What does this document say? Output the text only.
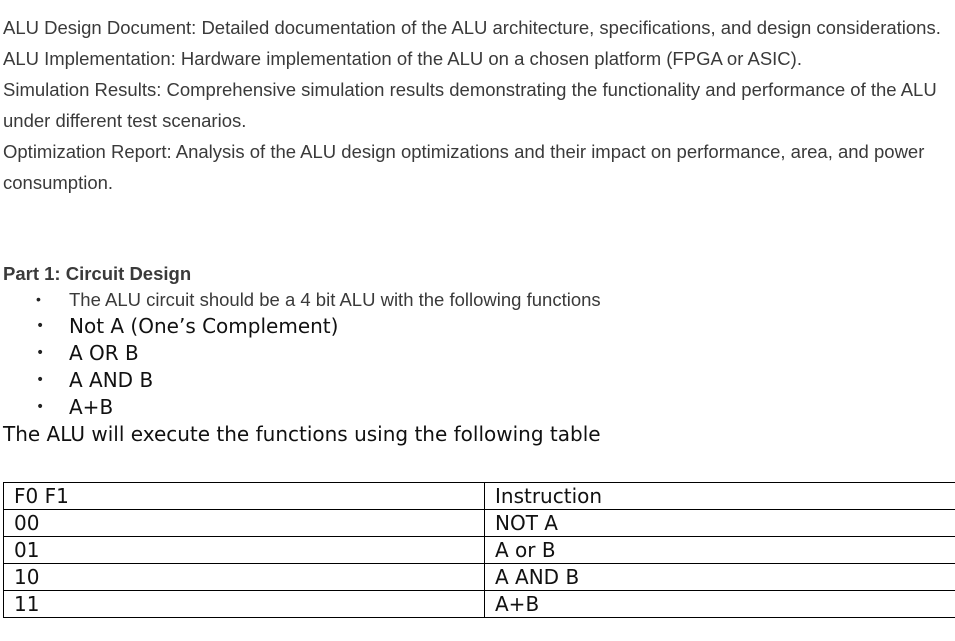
ALU Design Document: Detailed documentation of the ALU architecture, specifications, and design considerations.

ALU Implementation: Hardware implementation of the ALU on a chosen platform (FPGA or ASIC).

Simulation Results: Comprehensive simulation results demonstrating the functionality and performance of the ALU under different test scenarios.

Optimization Report: Analysis of the ALU design optimizations and their impact on performance, area, and power consumption.

Part 1: Circuit Design

• The ALU circuit should be a 4 bit ALU with the following functions
• Not A (One’s Complement)
• A OR B
• A AND B
• A+B

The ALU will execute the functions using the following table

F0 F1	Instruction
00	NOT A
01	A or B
10	A AND B
11	A+B
